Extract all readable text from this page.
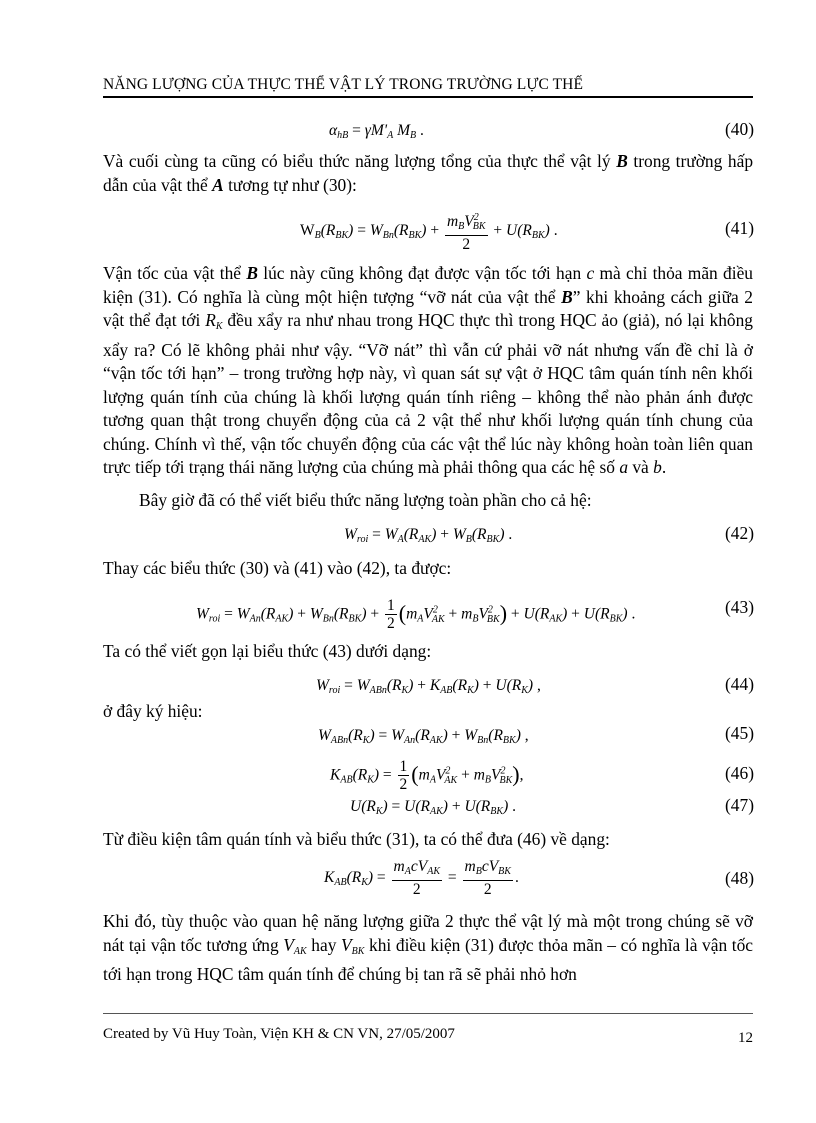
NĂNG LƯỢNG CỦA THỰC THỂ VẬT LÝ TRONG TRƯỜNG LỰC THẾ
$\alpha_{hB} = \gamma M'_A$ $M_B$ .	(40)
Và cuối cùng ta cũng có biểu thức năng lượng tổng của thực thể vật lý B trong trường hấp dẫn của vật thể A tương tự như (30):
$W_B(R_{BK}) = W_{Bn}(R_{BK}) + \frac{m_BV^2_{BK}}{2} + U(R_{BK})$ .	(41)
Vận tốc của vật thể B lúc này cũng không đạt được vận tốc tới hạn c mà chỉ thỏa mãn điều kiện (31). Có nghĩa là cùng một hiện tượng “vỡ nát của vật thể B” khi khoảng cách giữa 2 vật thể đạt tới $R_K$ đều xẩy ra như nhau trong HQC thực thì trong HQC ảo (giả), nó lại không xẩy ra? Có lẽ không phải như vậy. “Vỡ nát” thì vẫn cứ phải vỡ nát nhưng vấn đề chỉ là ở “vận tốc tới hạn” – trong trường hợp này, vì quan sát sự vật ở HQC tâm quán tính nên khối lượng quán tính của chúng là khối lượng quán tính riêng – không thể nào phản ánh được tương quan thật trong chuyển động của cả 2 vật thể như khối lượng quán tính chung của chúng. Chính vì thế, vận tốc chuyển động của các vật thể lúc này không hoàn toàn liên quan trực tiếp tới trạng thái năng lượng của chúng mà phải thông qua các hệ số a và b.
Bây giờ đã có thể viết biểu thức năng lượng toàn phần cho cả hệ:
$W_{roi} = W_A(R_{AK}) + W_B(R_{BK})$ .	(42)
Thay các biểu thức (30) và (41) vào (42), ta được:
$W_{roi} = W_{An}(R_{AK}) + W_{Bn}(R_{BK}) + \frac{1}{2} (m_AV^2_{AK} + m_BV^2_{BK}) + U(R_{AK}) + U(R_{BK})$ .	(43)
Ta có thể viết gọn lại biểu thức (43) dưới dạng:
$W_{roi} = W_{ABn}(R_K) + K_{AB}(R_K) + U(R_K)$ ,	(44)
ở đây ký hiệu:
$W_{ABn}(R_K) = W_{An}(R_{AK}) + W_{Bn}(R_{BK})$ ,	(45)
$K_{AB}(R_K) = \frac{1}{2} (m_AV^2_{AK} + m_BV^2_{BK})$,	(46)
$U(R_K) = U(R_{AK}) + U(R_{BK})$ .	(47)
Từ điều kiện tâm quán tính và biểu thức (31), ta có thể đưa (46) về dạng:
$K_{AB}(R_K) = \frac{m_AcV_{AK}}{2} = \frac{m_BcV_{BK}}{2}$ .	(48)
Khi đó, tùy thuộc vào quan hệ năng lượng giữa 2 thực thể vật lý mà một trong chúng sẽ vỡ nát tại vận tốc tương ứng $V_{AK}$ hay $V_{BK}$ khi điều kiện (31) được thỏa mãn – có nghĩa là vận tốc tới hạn trong HQC tâm quán tính để chúng bị tan rã sẽ phải nhỏ hơn
Created by Vũ Huy Toàn, Viện KH & CN VN, 27/05/2007	12
